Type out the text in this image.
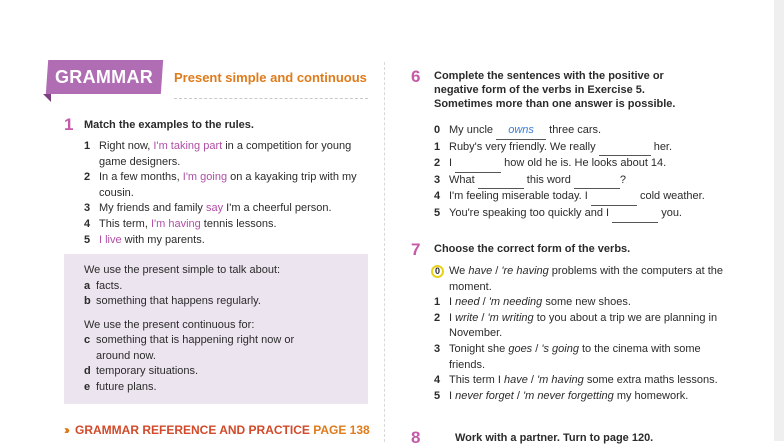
GRAMMAR Present simple and continuous
1 Match the examples to the rules.
1 Right now, I'm taking part in a competition for young game designers.
2 In a few months, I'm going on a kayaking trip with my cousin.
3 My friends and family say I'm a cheerful person.
4 This term, I'm having tennis lessons.
5 I live with my parents.

We use the present simple to talk about:

a facts.
b something that happens regularly.

We use the present continuous for:

c something that is happening right now or around now.
d temporary situations.
e future plans.
››› GRAMMAR REFERENCE AND PRACTICE PAGE 138
6 Complete the sentences with the positive or negative form of the verbs in Exercise 5. Sometimes more than one answer is possible.
0 My uncle owns three cars.
1 Ruby's very friendly. We really	her.
2 I	how old he is. He looks about 14.
3 What	this word	?
4 I'm feeling miserable today. I	cold weather.
5 You're speaking too quickly and I	you.
7 Choose the correct form of the verbs.
0 We have / 're having problems with the computers at the moment.
1 I need / 'm needing some new shoes.
2 I write / 'm writing to you about a trip we are planning in November.
3 Tonight she goes / 's going to the cinema with some friends.
4 This term I have / 'm having some extra maths lessons.
5 I never forget / 'm never forgetting my homework.
8	Work with a partner. Turn to page 120.
